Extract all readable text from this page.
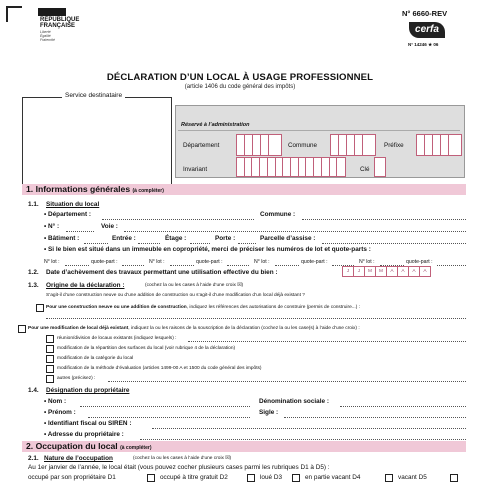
RÉPUBLIQUE
FRANÇAISE
Liberté
Égalité
Fraternité
N° 6660-REV
cerfa
N° 14246 ★ 06
DÉCLARATION D’UN LOCAL À USAGE PROFESSIONNEL
(article 1406 du code général des impôts)
Service destinataire
Réservé à l’administration
Département	Commune	Préfixe
Invariant	Clé
1. Informations générales (à compléter)
1.1. Situation du local
• Département :	Commune :
• N° :	Voie :
• Bâtiment :	Entrée :	Étage :	Porte :	Parcelle d’assise :
• Si le bien est situé dans un immeuble en copropriété, merci de préciser les numéros de lot et quote-parts :
N° lot :	quote-part :	N° lot :	quote-part :	N° lot :	quote-part :	N° lot :	quote-part :
1.2. Date d’achèvement des travaux permettant une utilisation effective du bien :	J	J	M	M	A	A	A	A
1.3. Origine de la déclaration :	(cochez la ou les cases à l’aide d’une croix ☒)
S’agit-il d’une construction neuve ou d’une addition de construction ou s’agit-il d’une modification d’un local déjà existant ?
Pour une construction neuve ou une addition de construction, indiquez les références des autorisations de construire (permis de construire...) :
Pour une modification de local déjà existant, indiquez la ou les raisons de la souscription de la déclaration (cochez la ou les case(s) à l’aide d’une croix) :
réunion/division de locaux existants (indiquez lesquels) :
modification de la répartition des surfaces du local (voir rubrique 4 de la déclaration)
modification de la catégorie du local
modification de la méthode d’évaluation (articles 1499-00 A et 1500 du code général des impôts)
autres (précisez) :
1.4. Désignation du propriétaire
• Nom :	Dénomination sociale :
• Prénom :	Sigle :
• Identifiant fiscal ou SIREN :
• Adresse du propriétaire :
2. Occupation du local (à compléter)
2.1. Nature de l’occupation	(cochez la ou les cases à l’aide d’une croix ☒)
Au 1er janvier de l’année, le local était (vous pouvez cocher plusieurs cases parmi les rubriques D1 à D5) :
occupé par son propriétaire D1	occupé à titre gratuit D2	loué D3	en partie vacant D4	vacant D5
